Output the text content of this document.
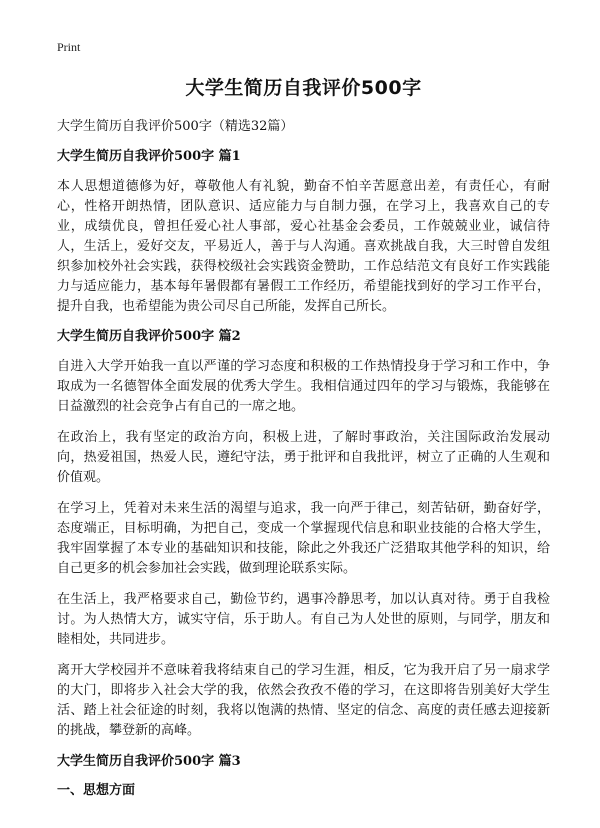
Print
大学生简历自我评价500字
大学生简历自我评价500字（精选32篇）
大学生简历自我评价500字 篇1

本人思想道德修为好，尊敬他人有礼貌，勤奋不怕辛苦愿意出差，有责任心，有耐心，性格开朗热情，团队意识、适应能力与自制力强，在学习上，我喜欢自己的专业，成绩优良，曾担任爱心社人事部，爱心社基金会委员，工作兢兢业业，诚信待人，生活上，爱好交友，平易近人，善于与人沟通。喜欢挑战自我，大三时曾自发组织参加校外社会实践，获得校级社会实践资金赞助，工作总结范文有良好工作实践能力与适应能力，基本每年暑假都有暑假工工作经历，希望能找到好的学习工作平台，提升自我，也希望能为贵公司尽自己所能，发挥自己所长。

大学生简历自我评价500字 篇2

自进入大学开始我一直以严谨的学习态度和积极的工作热情投身于学习和工作中，争取成为一名德智体全面发展的优秀大学生。我相信通过四年的学习与锻炼，我能够在日益激烈的社会竞争占有自己的一席之地。

在政治上，我有坚定的政治方向，积极上进，了解时事政治，关注国际政治发展动向，热爱祖国，热爱人民，遵纪守法，勇于批评和自我批评，树立了正确的人生观和价值观。

在学习上，凭着对未来生活的渴望与追求，我一向严于律己，刻苦钻研，勤奋好学，态度端正，目标明确，为把自己，变成一个掌握现代信息和职业技能的合格大学生，我牢固掌握了本专业的基础知识和技能，除此之外我还广泛猎取其他学科的知识，给自己更多的机会参加社会实践，做到理论联系实际。

在生活上，我严格要求自己，勤俭节约，遇事冷静思考，加以认真对待。勇于自我检讨。为人热情大方，诚实守信，乐于助人。有自己为人处世的原则，与同学，朋友和睦相处，共同进步。

离开大学校园并不意味着我将结束自己的学习生涯，相反，它为我开启了另一扇求学的大门，即将步入社会大学的我，依然会孜孜不倦的学习，在这即将告别美好大学生活、踏上社会征途的时刻，我将以饱满的热情、坚定的信念、高度的责任感去迎接新的挑战，攀登新的高峰。

大学生简历自我评价500字 篇3
一、思想方面
